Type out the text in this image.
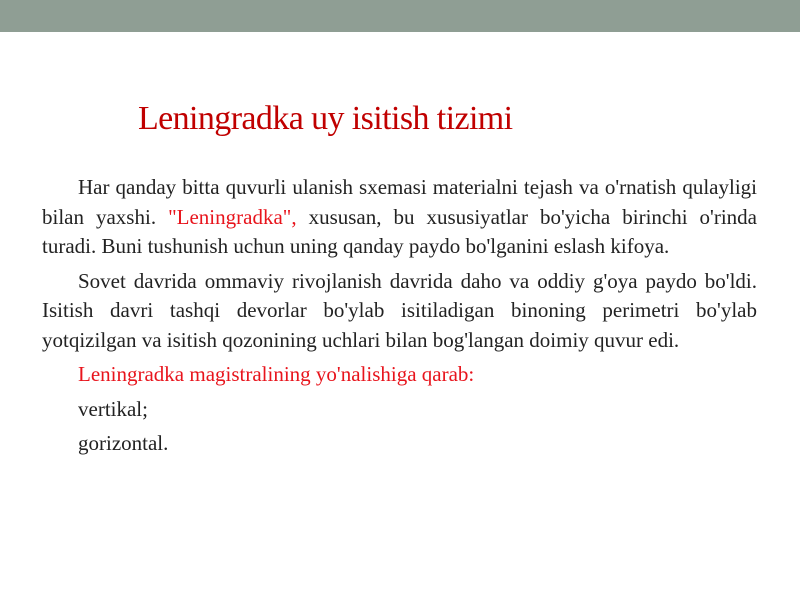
Leningradka uy isitish tizimi

Har qanday bitta quvurli ulanish sxemasi materialni tejash va o'rnatish qulayligi bilan yaxshi. "Leningradka", xususan, bu xususiyatlar bo'yicha birinchi o'rinda turadi. Buni tushunish uchun uning qanday paydo bo'lganini eslash kifoya.

Sovet davrida ommaviy rivojlanish davrida daho va oddiy g'oya paydo bo'ldi. Isitish davri tashqi devorlar bo'ylab isitiladigan binoning perimetri bo'ylab yotqizilgan va isitish qozonining uchlari bilan bog'langan doimiy quvur edi.

Leningradka magistralining yo'nalishiga qarab:

vertikal;

gorizontal.
